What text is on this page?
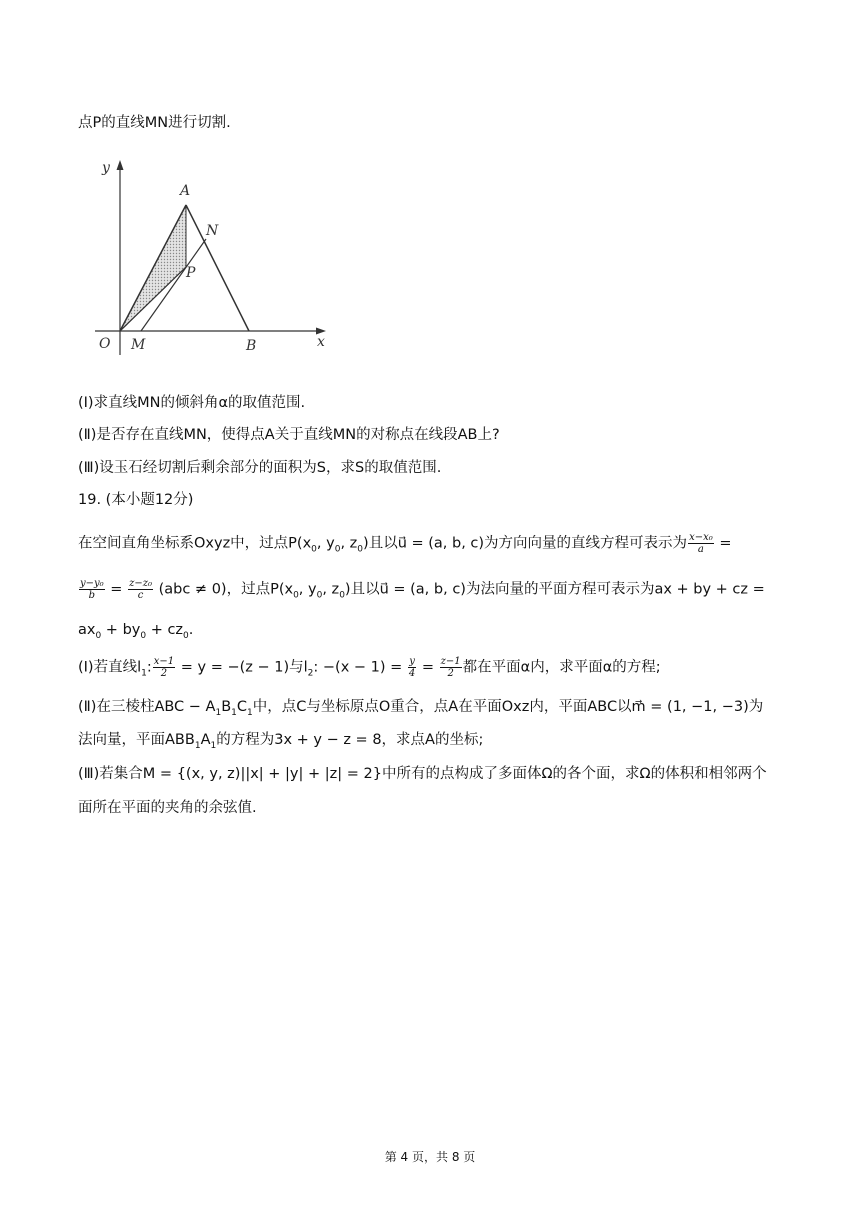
点P的直线MN进行切割.
y
x
O M	B
A
N
P
(Ⅰ)求直线MN的倾斜角α的取值范围.
(Ⅱ)是否存在直线MN，使得点A关于直线MN的对称点在线段AB上?
(Ⅲ)设玉石经切割后剩余部分的面积为S，求S的取值范围.
19. (本小题12分)
在空间直角坐标系Oxyz中，过点$P(x_0$, $y_0$, $z_0$)且以u⃗ = (a, b, c)为方向向量的直线方程可表示为 $\frac{\text{x−x₀}}{a}$ =
$\frac{\text{y−y₀}}{b} = \frac{\text{z−z₀}}{c} (abc \ne 0)$，过点$P(x_0$, $y_0$, $z_0$)且以u⃗ = (a, b, c)为法向量的平面方程可表示为ax + by + cz =
$ax_0 + by_0 + cz_0$.
(Ⅰ)若直线$l_1$: $\frac{x-1}{2} = y = -(z - 1)$与$l_2$: $-(x - 1) = \frac{y}{4} = \frac{z-1}{2}$ 都在平面α内，求平面α的方程;
(Ⅱ)在三棱柱ABC − $A_1B_1C_1$中，点C与坐标原点O重合，点A在平面Oxz内，平面ABC以m⃗ = (1, −1, −3)为
法向量，平面$ABB_1A_1$的方程为3x + y − z = 8，求点A的坐标;
(Ⅲ)若集合M = {(x, y, z)||x| + |y| + |z| = 2}中所有的点构成了多面体Ω的各个面，求Ω的体积和相邻两个
面所在平面的夹角的余弦值.
第 4 页，共 8 页
